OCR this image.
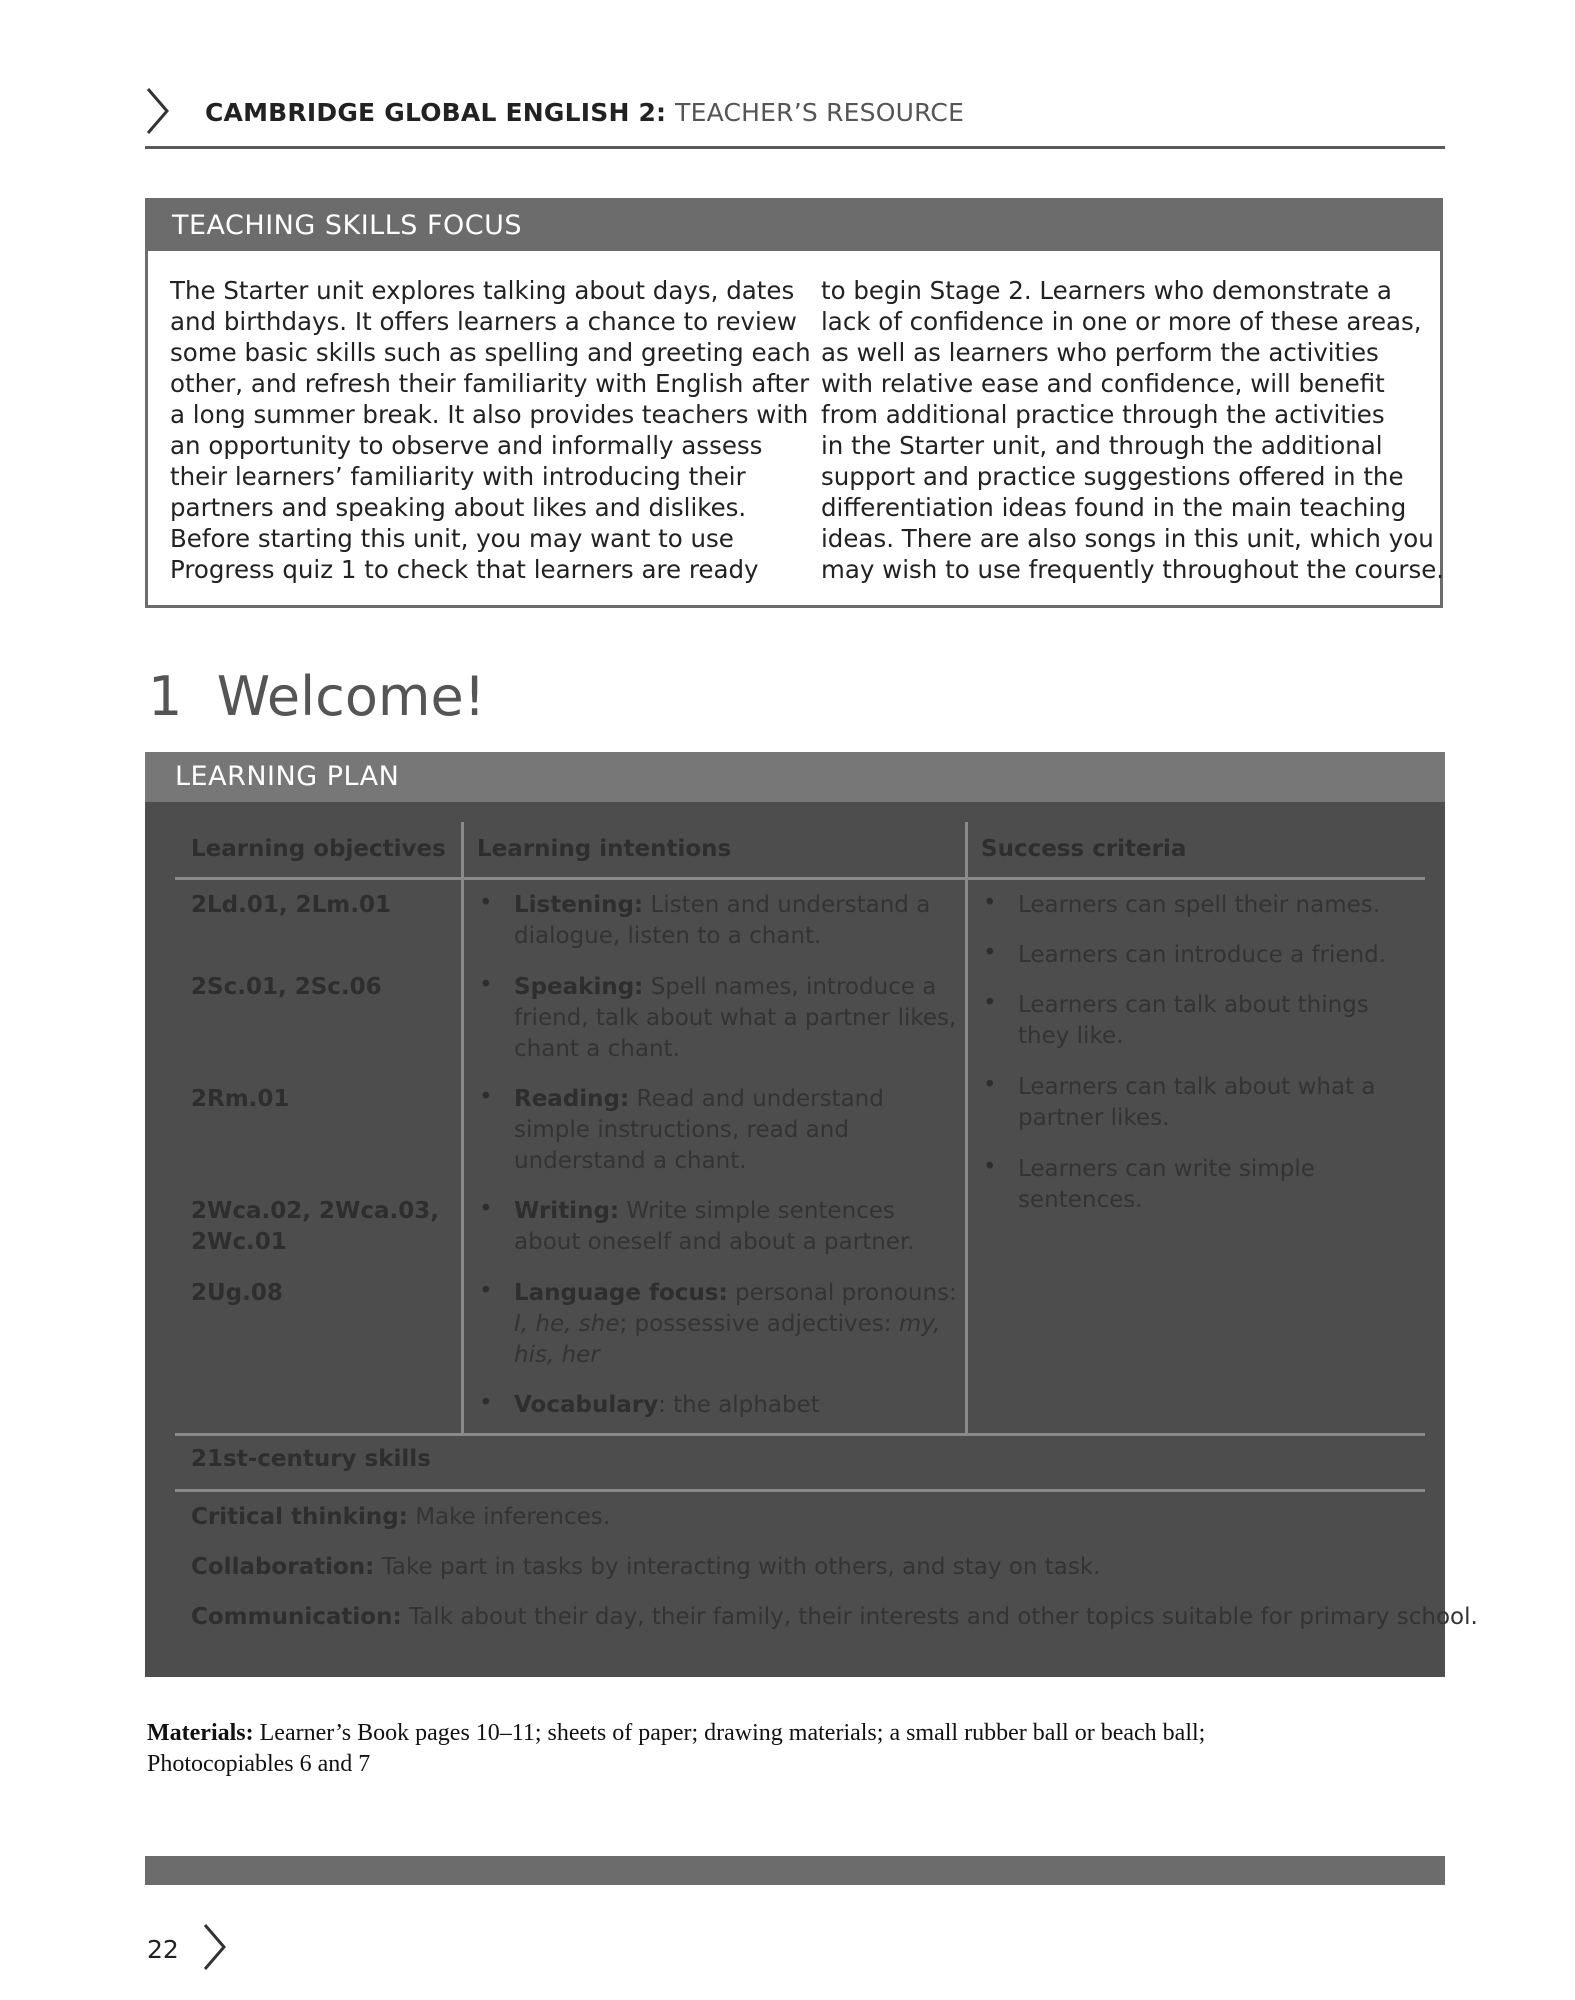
CAMBRIDGE GLOBAL ENGLISH 2: TEACHER’S RESOURCE
TEACHING SKILLS FOCUS
The Starter unit explores talking about days, dates
and birthdays. It offers learners a chance to review
some basic skills such as spelling and greeting each
other, and refresh their familiarity with English after
a long summer break. It also provides teachers with
an opportunity to observe and informally assess
their learners’ familiarity with introducing their
partners and speaking about likes and dislikes.
Before starting this unit, you may want to use
Progress quiz 1 to check that learners are ready
to begin Stage 2. Learners who demonstrate a
lack of confidence in one or more of these areas,
as well as learners who perform the activities
with relative ease and confidence, will benefit
from additional practice through the activities
in the Starter unit, and through the additional
support and practice suggestions offered in the
differentiation ideas found in the main teaching
ideas. There are also songs in this unit, which you
may wish to use frequently throughout the course.
1 Welcome!
LEARNING PLAN
Learning objectives Learning intentions	Success criteria
2Ld.01, 2Lm.01
2Sc.01, 2Sc.06
2Rm.01
2Wca.02, 2Wca.03,
2Wc.01
2Ug.08
• Listening: Listen and understand a
dialogue, listen to a chant.
• Speaking: Spell names, introduce a
friend, talk about what a partner likes,
chant a chant.
• Reading: Read and understand
simple instructions, read and
understand a chant.
• Writing: Write simple sentences
about oneself and about a partner.
• Language focus: personal pronouns:
I, he, she; possessive adjectives: my,
his, her
• Vocabulary: the alphabet
• Learners can spell their names.
• Learners can introduce a friend.
• Learners can talk about things
they like.
• Learners can talk about what a
partner likes.
• Learners can write simple
sentences.
21st-century skills
Critical thinking: Make inferences.
Collaboration: Take part in tasks by interacting with others, and stay on task.
Communication: Talk about their day, their family, their interests and other topics suitable for primary school.
Materials: Learner’s Book pages 10–11; sheets of paper; drawing materials; a small rubber ball or beach ball;
Photocopiables 6 and 7
22
